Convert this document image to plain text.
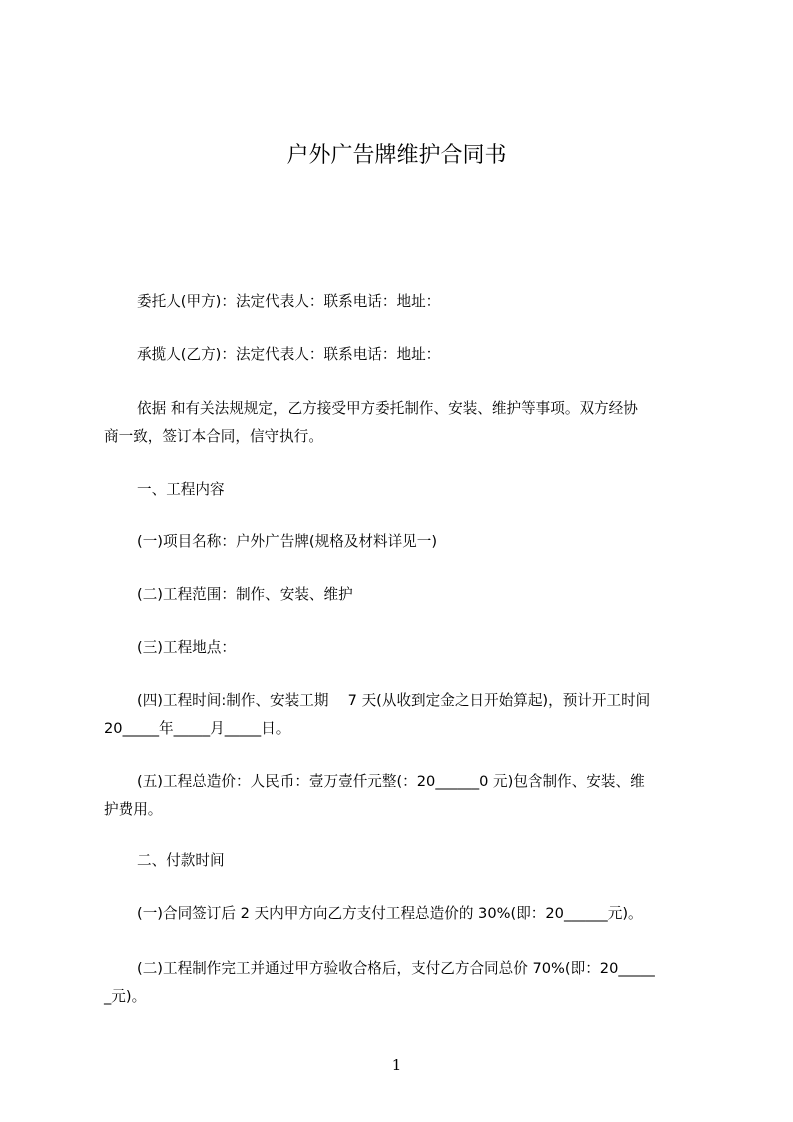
户外广告牌维护合同书
委托人(甲方)：法定代表人：联系电话：地址：
承揽人(乙方)：法定代表人：联系电话：地址：
依据 和有关法规规定，乙方接受甲方委托制作、安装、维护等事项。双方经协
商一致，签订本合同，信守执行。
一、工程内容
(一)项目名称：户外广告牌(规格及材料详见一)
(二)工程范围：制作、安装、维护
(三)工程地点：
(四)工程时间:制作、安装工期　 7 天(从收到定金之日开始算起)，预计开工时间
20_____年_____月_____日。
(五)工程总造价：人民币：壹万壹仟元整(：20______0 元)包含制作、安装、维
护费用。
二、付款时间
(一)合同签订后 2 天内甲方向乙方支付工程总造价的 30%(即：20______元)。
(二)工程制作完工并通过甲方验收合格后，支付乙方合同总价 70%(即：20_____
_元)。
1
